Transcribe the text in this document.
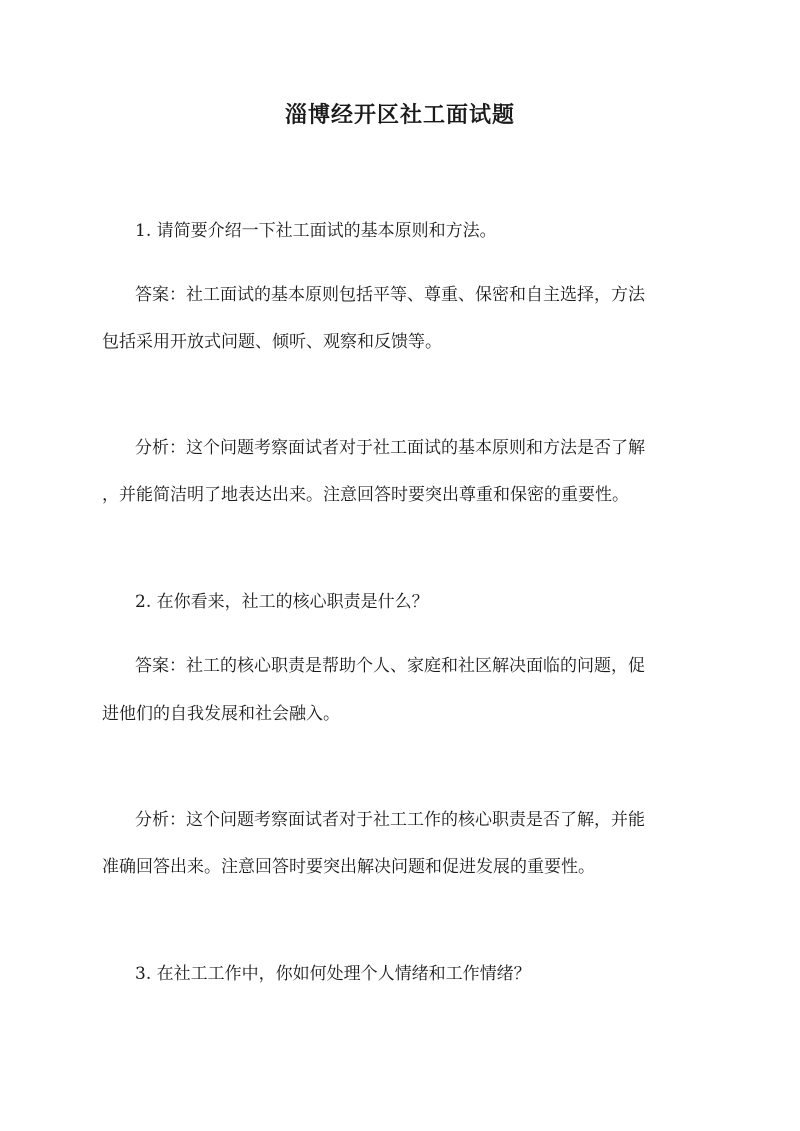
淄博经开区社工面试题
1. 请简要介绍一下社工面试的基本原则和方法。
答案：社工面试的基本原则包括平等、尊重、保密和自主选择，方法
包括采用开放式问题、倾听、观察和反馈等。
分析：这个问题考察面试者对于社工面试的基本原则和方法是否了解
，并能简洁明了地表达出来。注意回答时要突出尊重和保密的重要性。
2. 在你看来，社工的核心职责是什么？
答案：社工的核心职责是帮助个人、家庭和社区解决面临的问题，促
进他们的自我发展和社会融入。
分析：这个问题考察面试者对于社工工作的核心职责是否了解，并能
准确回答出来。注意回答时要突出解决问题和促进发展的重要性。
3. 在社工工作中，你如何处理个人情绪和工作情绪？
